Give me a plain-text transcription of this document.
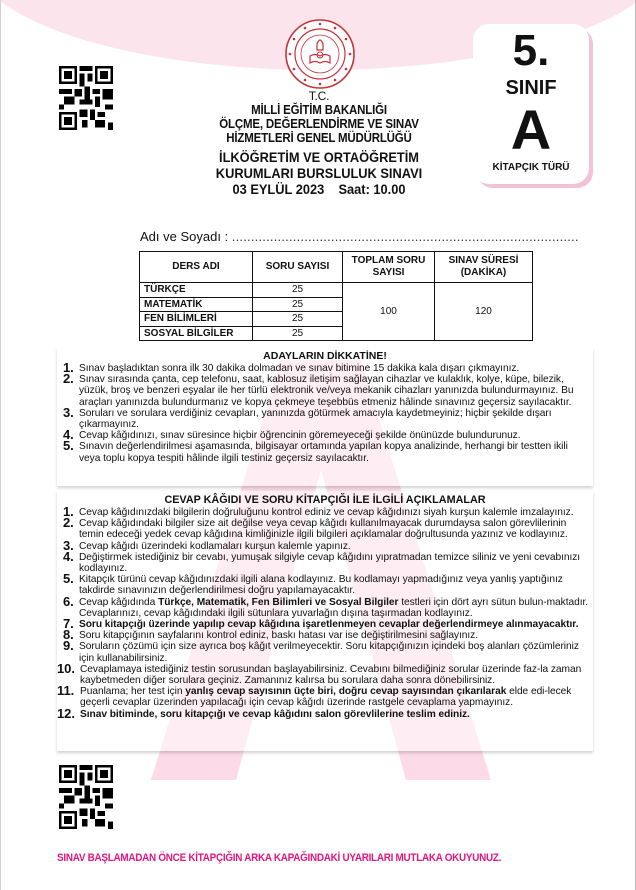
T.C.
MİLLİ EĞİTİM BAKANLIĞI
ÖLÇME, DEĞERLENDİRME VE SINAV
HİZMETLERİ GENEL MÜDÜRLÜĞÜ
İLKÖĞRETİM VE ORTAÖĞRETİM
KURUMLARI BURSLULUK SINAVI
03 EYLÜL 2023    Saat: 10.00
5.
SINIF
A
KİTAPÇIK TÜRÜ
Adı ve Soyadı : ...........................................................................................
DERS ADI	SORU SAYISI	TOPLAM SORU SAYISI	SINAV SÜRESİ (DAKİKA)
TÜRKÇE	25	100	120
MATEMATİK	25		
FEN BİLİMLERİ	25		
SOSYAL BİLGİLER	25		
ADAYLARIN DİKKATİNE!
1. Sınav başladıktan sonra ilk 30 dakika dolmadan ve sınav bitimine 15 dakika kala dışarı çıkmayınız.
2. Sınav sırasında çanta, cep telefonu, saat, kablosuz iletişim sağlayan cihazlar ve kulaklık, kolye, küpe, bilezik, yüzük, broş ve benzeri eşyalar ile her türlü elektronik ve/veya mekanik cihazları yanınızda bulundurmayınız. Bu araçları yanınızda bulundurmanız ve kopya çekmeye teşebbüs etmeniz hâlinde sınavınız geçersiz sayılacaktır.
3. Soruları ve sorulara verdiğiniz cevapları, yanınızda götürmek amacıyla kaydetmeyiniz; hiçbir şekilde dışarı çıkarmayınız.
4. Cevap kâğıdınızı, sınav süresince hiçbir öğrencinin göremeyeceği şekilde önünüzde bulundurunuz.
5. Sınavın değerlendirilmesi aşamasında, bilgisayar ortamında yapılan kopya analizinde, herhangi bir testten ikili veya toplu kopya tespiti hâlinde ilgili testiniz geçersiz sayılacaktır.
CEVAP KÂĞIDI VE SORU KİTAPÇIĞI İLE İLGİLİ AÇIKLAMALAR
1. Cevap kâğıdınızdaki bilgilerin doğruluğunu kontrol ediniz ve cevap kâğıdınızı siyah kurşun kalemle imzalayınız.
2. Cevap kâğıdındaki bilgiler size ait değilse veya cevap kâğıdı kullanılmayacak durumdaysa salon görevlilerinin temin edeceği yedek cevap kâğıdına kimliğinizle ilgili bilgileri açıklamalar doğrultusunda yazınız ve kodlayınız.
3. Cevap kâğıdı üzerindeki kodlamaları kurşun kalemle yapınız.
4. Değiştirmek istediğiniz bir cevabı, yumuşak silgiyle cevap kâğıdını yıpratmadan temizce siliniz ve yeni cevabınızı kodlayınız.
5. Kitapçık türünü cevap kâğıdınızdaki ilgili alana kodlayınız. Bu kodlamayı yapmadığınız veya yanlış yaptığınız takdirde sınavınızın değerlendirilmesi doğru yapılamayacaktır.
6. Cevap kâğıdında Türkçe, Matematik, Fen Bilimleri ve Sosyal Bilgiler testleri için dört ayrı sütun bulun-maktadır. Cevaplarınızı, cevap kâğıdındaki ilgili sütunlara yuvarlağın dışına taşırmadan kodlayınız.
7. Soru kitapçığı üzerinde yapılıp cevap kâğıdına işaretlenmeyen cevaplar değerlendirmeye alınmayacaktır.
8. Soru kitapçığının sayfalarını kontrol ediniz, baskı hatası var ise değiştirilmesini sağlayınız.
9. Soruların çözümü için size ayrıca boş kâğıt verilmeyecektir. Soru kitapçığınızın içindeki boş alanları çözümleriniz için kullanabilirsiniz.
10. Cevaplamaya istediğiniz testin sorusundan başlayabilirsiniz. Cevabını bilmediğiniz sorular üzerinde faz-la zaman kaybetmeden diğer sorulara geçiniz. Zamanınız kalırsa bu sorulara daha sonra dönebilirsiniz.
11. Puanlama; her test için yanlış cevap sayısının üçte biri, doğru cevap sayısından çıkarılarak elde edi-lecek geçerli cevaplar üzerinden yapılacağı için cevap kâğıdı üzerinde rastgele cevaplama yapmayınız.
12. Sınav bitiminde, soru kitapçığı ve cevap kâğıdını salon görevlilerine teslim ediniz.
SINAV BAŞLAMADAN ÖNCE KİTAPÇIĞIN ARKA KAPAĞINDAKİ UYARILARI MUTLAKA OKUYUNUZ.
